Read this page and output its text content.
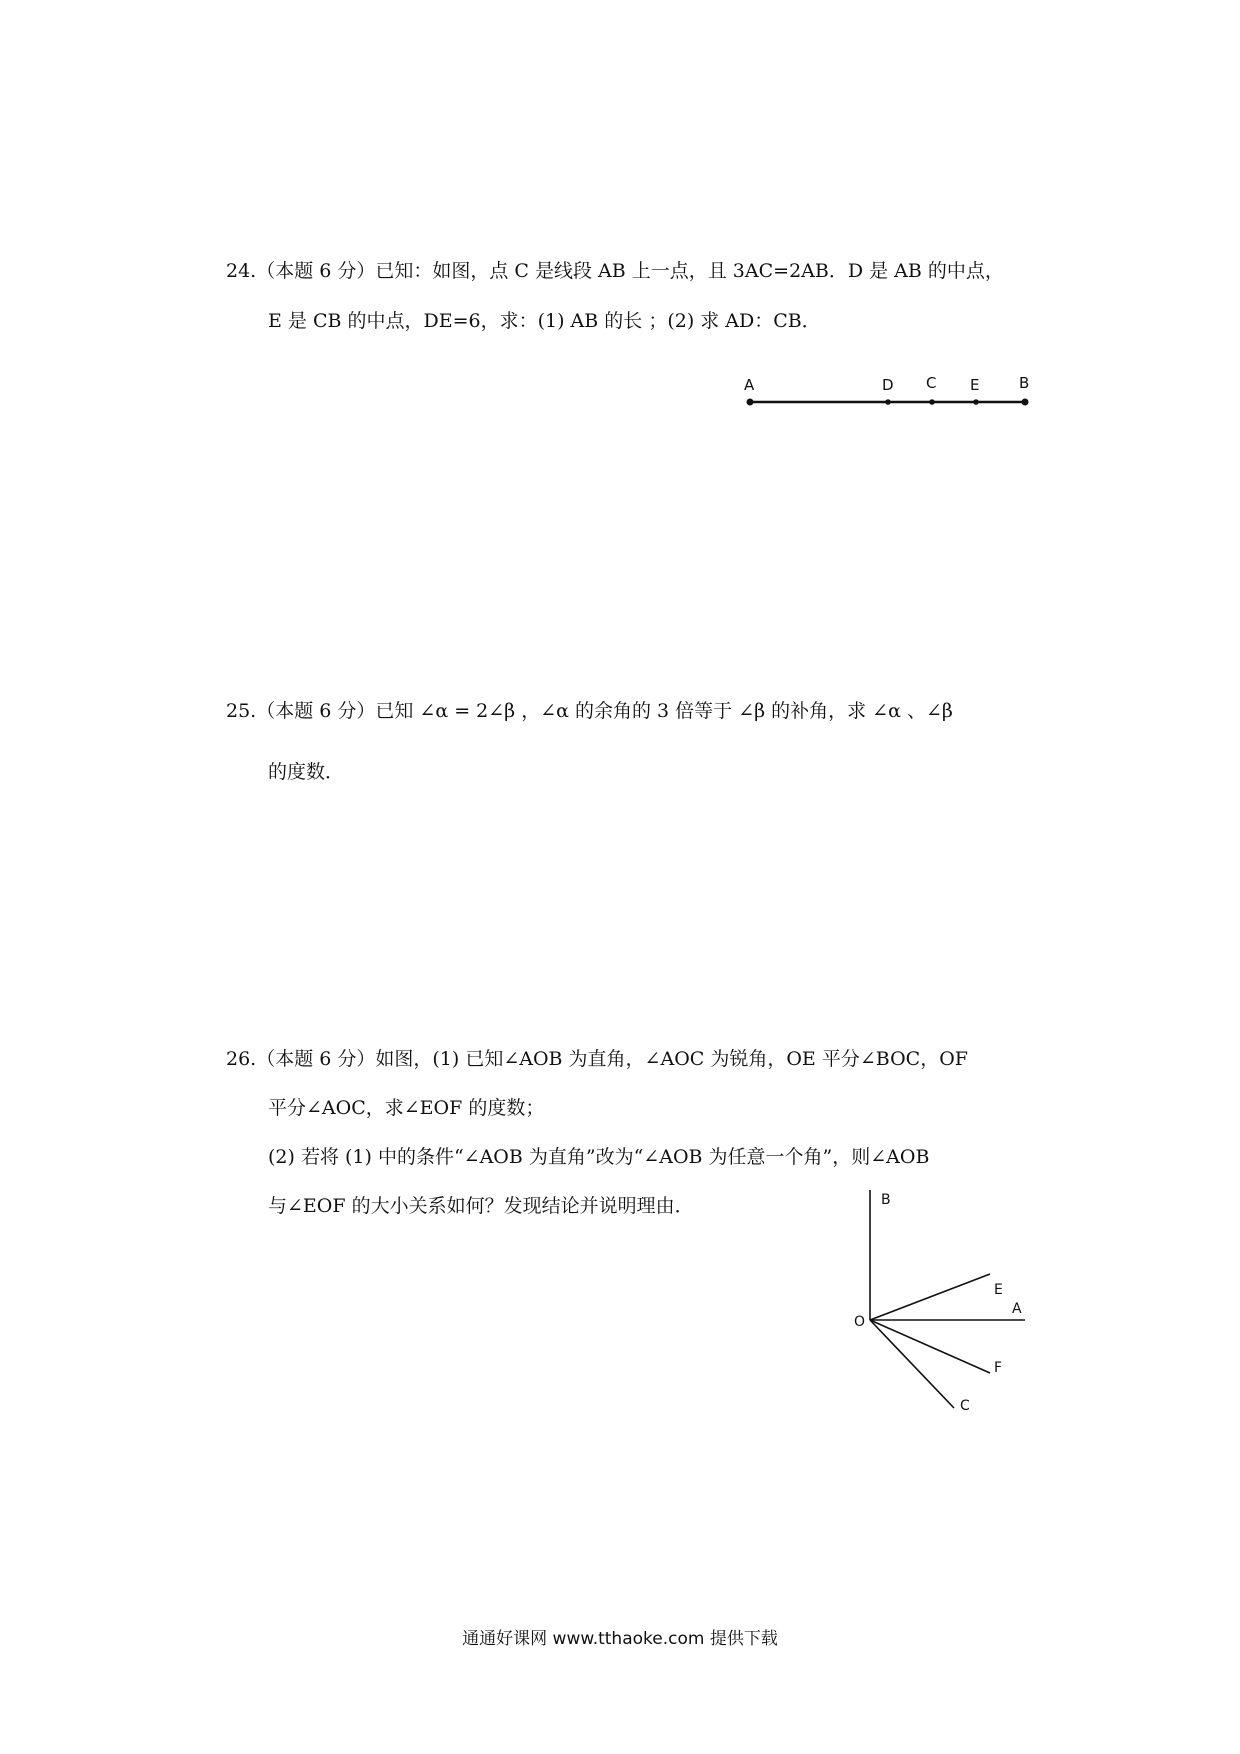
24.（本题 6 分）已知：如图，点 C 是线段 AB 上一点，且 3AC=2AB．D 是 AB 的中点，
E 是 CB 的中点，DE=6，求：(1) AB 的长 ；(2) 求 AD：CB．
A	D C E	B
25.（本题 6 分）已知 ∠α = 2∠β ，∠α 的余角的 3 倍等于 ∠β 的补角，求 ∠α 、∠β
的度数．
26.（本题 6 分）如图，(1) 已知∠AOB 为直角，∠AOC 为锐角，OE 平分∠BOC，OF
平分∠AOC，求∠EOF 的度数；
(2) 若将 (1) 中的条件“∠AOB 为直角”改为“∠AOB 为任意一个角”，则∠AOB
与∠EOF 的大小关系如何？发现结论并说明理由．	B
E
O
A
F
C
通通好课网 www.tthaoke.com 提供下载
